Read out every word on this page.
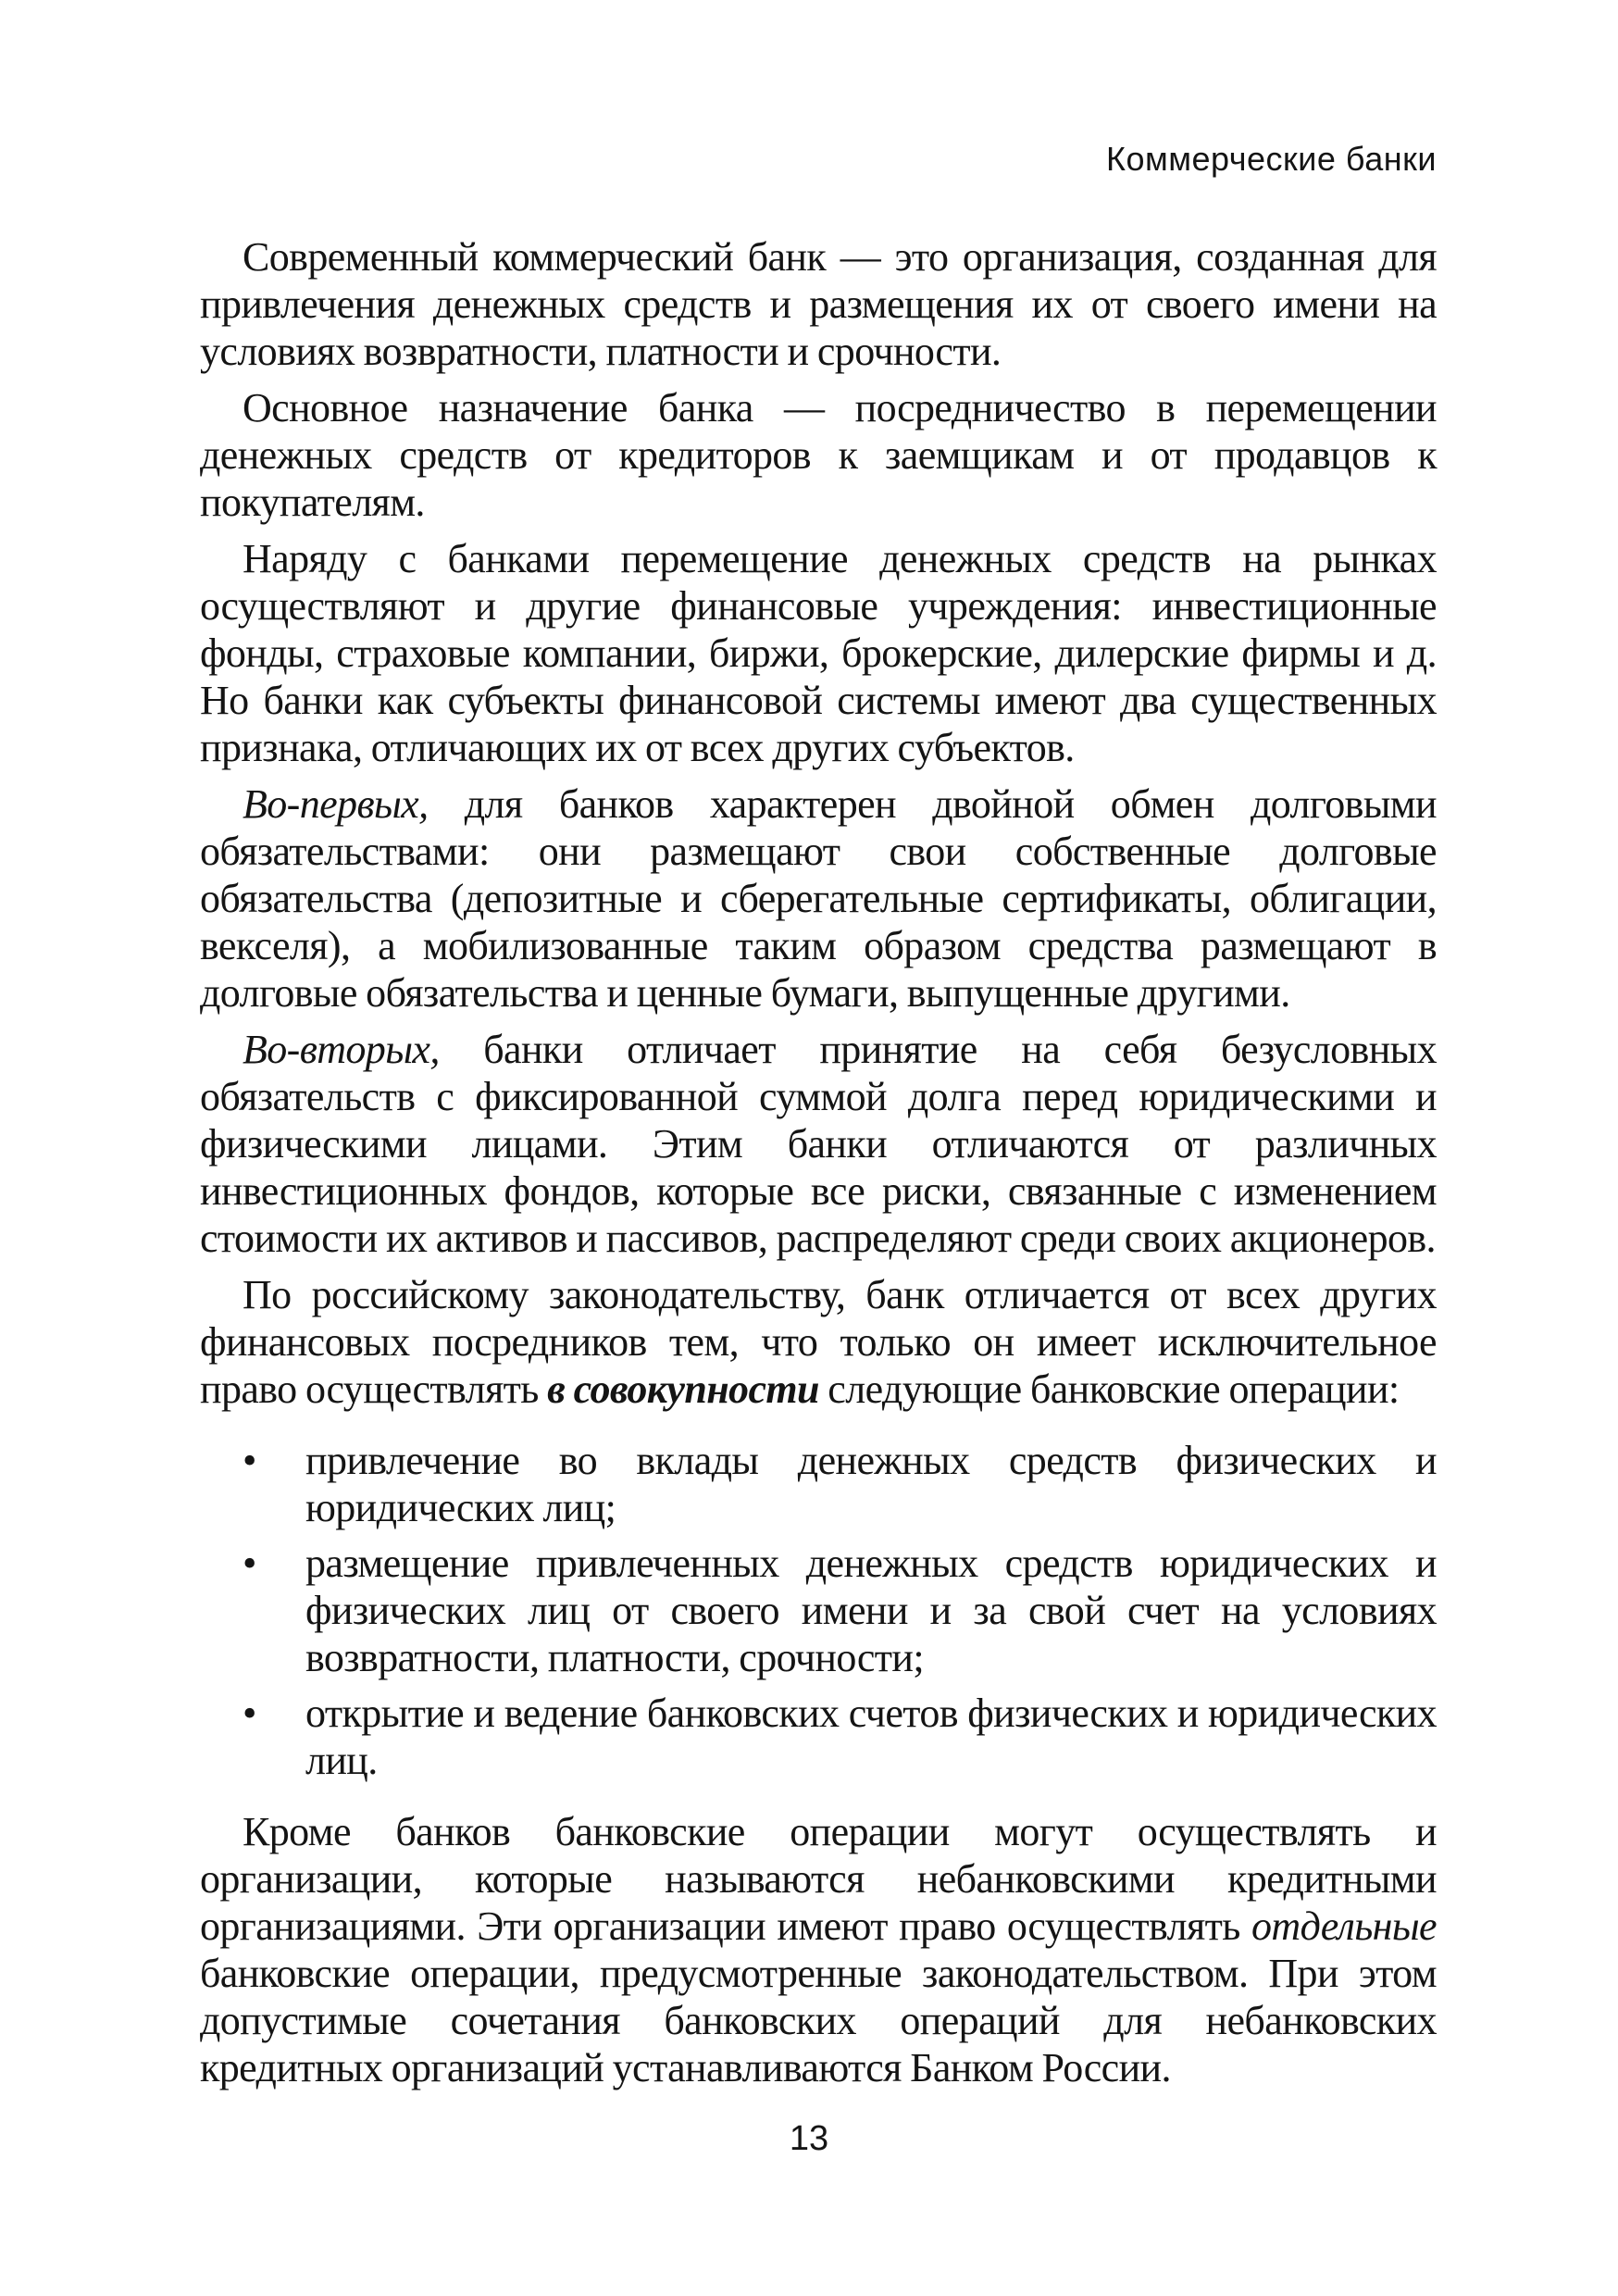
Коммерческие банки

Современный коммерческий банк — это организация, созданная для привлечения денежных средств и размещения их от своего имени на условиях возвратности, платности и срочности.

Основное назначение банка — посредничество в перемещении денежных средств от кредиторов к заемщикам и от продавцов к покупателям.

Наряду с банками перемещение денежных средств на рынках осуществляют и другие финансовые учреждения: инвестиционные фонды, страховые компании, биржи, брокерские, дилерские фирмы и д. Но банки как субъекты финансовой системы имеют два существенных признака, отличающих их от всех других субъектов.

Во-первых, для банков характерен двойной обмен долговыми обязательствами: они размещают свои собственные долговые обязательства (депозитные и сберегательные сертификаты, облигации, векселя), а мобилизованные таким образом средства размещают в долговые обязательства и ценные бумаги, выпущенные другими.

Во-вторых, банки отличает принятие на себя безусловных обязательств с фиксированной суммой долга перед юридическими и физическими лицами. Этим банки отличаются от различных инвестиционных фондов, которые все риски, связанные с изменением стоимости их активов и пассивов, распределяют среди своих акционеров.

По российскому законодательству, банк отличается от всех других финансовых посредников тем, что только он имеет исключительное право осуществлять в совокупности следующие банковские операции:

• привлечение во вклады денежных средств физических и юридических лиц;
• размещение привлеченных денежных средств юридических и физических лиц от своего имени и за свой счет на условиях возвратности, платности, срочности;
• открытие и ведение банковских счетов физических и юридических лиц.

Кроме банков банковские операции могут осуществлять и организации, которые называются небанковскими кредитными организациями. Эти организации имеют право осуществлять отдельные банковские операции, предусмотренные законодательством. При этом допустимые сочетания банковских операций для небанковских кредитных организаций устанавливаются Банком России.

13
